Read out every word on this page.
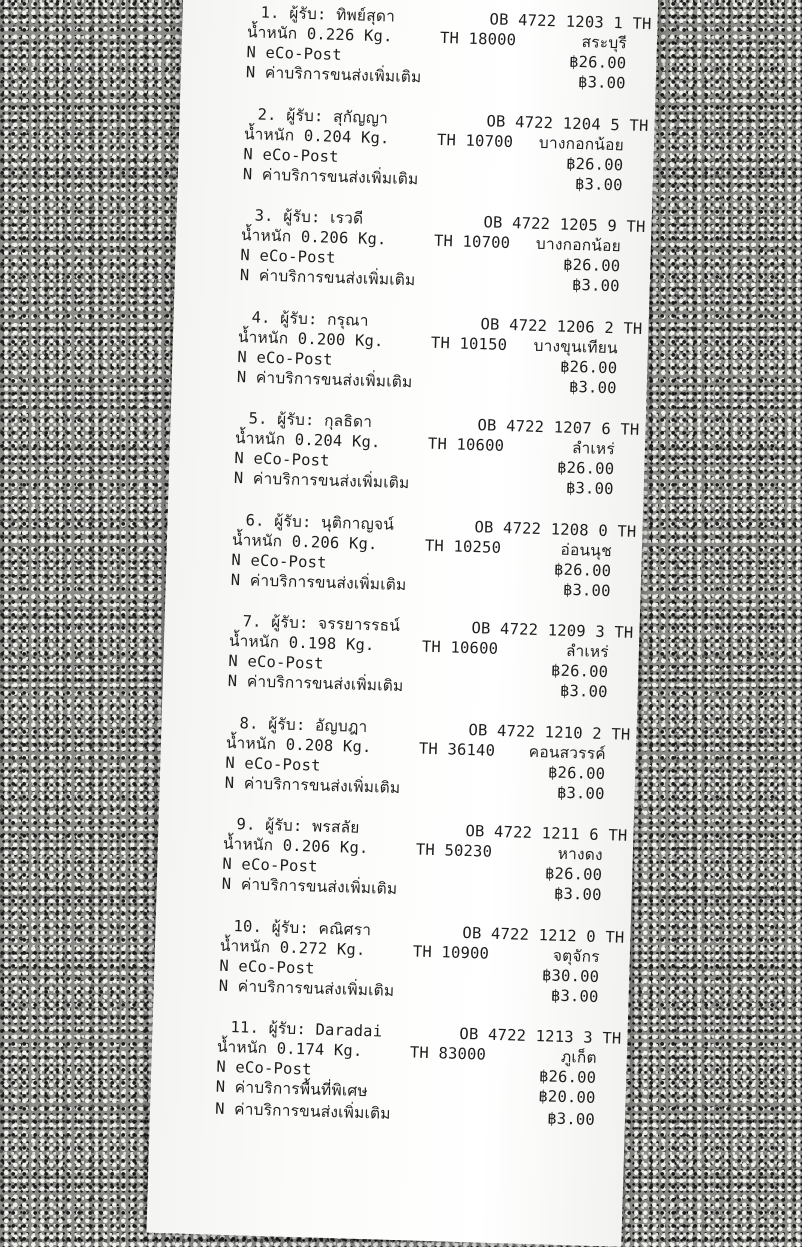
1. ผู้รับ: ทิพย์สุดา	OB 4722 1203 1 TH
น้ำหนัก 0.226 Kg.	TH 18000	สระบุรี
N eCo-Post	฿26.00
N ค่าบริการขนส่งเพิ่มเติม	฿3.00
2. ผู้รับ: สุกัญญา	OB 4722 1204 5 TH
น้ำหนัก 0.204 Kg.	TH 10700 บางกอกน้อย
N eCo-Post	฿26.00
N ค่าบริการขนส่งเพิ่มเติม	฿3.00
3. ผู้รับ: เรวดี	OB 4722 1205 9 TH
น้ำหนัก 0.206 Kg.	TH 10700 บางกอกน้อย
N eCo-Post	฿26.00
N ค่าบริการขนส่งเพิ่มเติม	฿3.00
4. ผู้รับ: กรุณา	OB 4722 1206 2 TH
น้ำหนัก 0.200 Kg.	TH 10150 บางขุนเทียน
N eCo-Post	฿26.00
N ค่าบริการขนส่งเพิ่มเติม	฿3.00
5. ผู้รับ: กุลธิดา	OB 4722 1207 6 TH
น้ำหนัก 0.204 Kg.	TH 10600	ลำเหร่
N eCo-Post	฿26.00
N ค่าบริการขนส่งเพิ่มเติม	฿3.00
6. ผู้รับ: นุติกาญจน์	OB 4722 1208 0 TH
น้ำหนัก 0.206 Kg.	TH 10250	อ่อนนุช
N eCo-Post	฿26.00
N ค่าบริการขนส่งเพิ่มเติม	฿3.00
7. ผู้รับ: จรรยารรธน์	OB 4722 1209 3 TH
น้ำหนัก 0.198 Kg.	TH 10600	ลำเหร่
N eCo-Post	฿26.00
N ค่าบริการขนส่งเพิ่มเติม	฿3.00
8. ผู้รับ: อัญบฎา	OB 4722 1210 2 TH
น้ำหนัก 0.208 Kg.	TH 36140 คอนสวรรค์
N eCo-Post	฿26.00
N ค่าบริการขนส่งเพิ่มเติม	฿3.00
9. ผู้รับ: พรสลัย	OB 4722 1211 6 TH
น้ำหนัก 0.206 Kg.	TH 50230	หางดง
N eCo-Post	฿26.00
N ค่าบริการขนส่งเพิ่มเติม	฿3.00
10. ผู้รับ: คณิศรา	OB 4722 1212 0 TH
น้ำหนัก 0.272 Kg.	TH 10900	จตุจักร
N eCo-Post	฿30.00
N ค่าบริการขนส่งเพิ่มเติม	฿3.00
11. ผู้รับ: Daradai	OB 4722 1213 3 TH
น้ำหนัก 0.174 Kg.	TH 83000	ภูเก็ต
N eCo-Post	฿26.00
N ค่าบริการพื้นที่พิเศษ	฿20.00
N ค่าบริการขนส่งเพิ่มเติม	฿3.00
